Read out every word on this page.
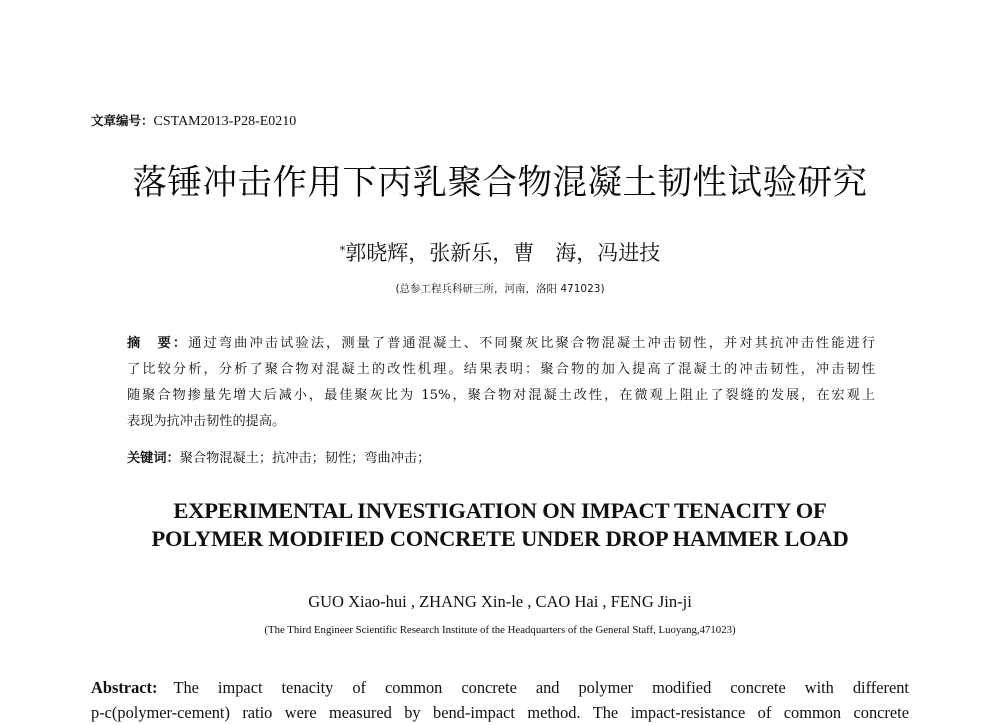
文章编号：CSTAM2013-P28-E0210
落锤冲击作用下丙乳聚合物混凝土韧性试验研究
*郭晓辉，张新乐，曹　海，冯进技
(总参工程兵科研三所，河南，洛阳 471023)
摘　要：通过弯曲冲击试验法，测量了普通混凝土、不同聚灰比聚合物混凝土冲击韧性，并对其抗冲击性能进行
了比较分析，分析了聚合物对混凝土的改性机理。结果表明：聚合物的加入提高了混凝土的冲击韧性，冲击韧性
随聚合物掺量先增大后减小，最佳聚灰比为 15%，聚合物对混凝土改性，在微观上阻止了裂缝的发展，在宏观上
表现为抗冲击韧性的提高。
关键词：聚合物混凝土；抗冲击；韧性；弯曲冲击；
EXPERIMENTAL INVESTIGATION ON IMPACT TENACITY OF
POLYMER MODIFIED CONCRETE UNDER DROP HAMMER LOAD
GUO Xiao-hui , ZHANG Xin-le , CAO Hai , FENG Jin-ji
(The Third Engineer Scientific Research Institute of the Headquarters of the General Staff, Luoyang,471023)
Abstract: The impact tenacity of common concrete and polymer modified concrete with different
p-c(polymer-cement) ratio were measured by bend-impact method. The impact-resistance of common concrete
